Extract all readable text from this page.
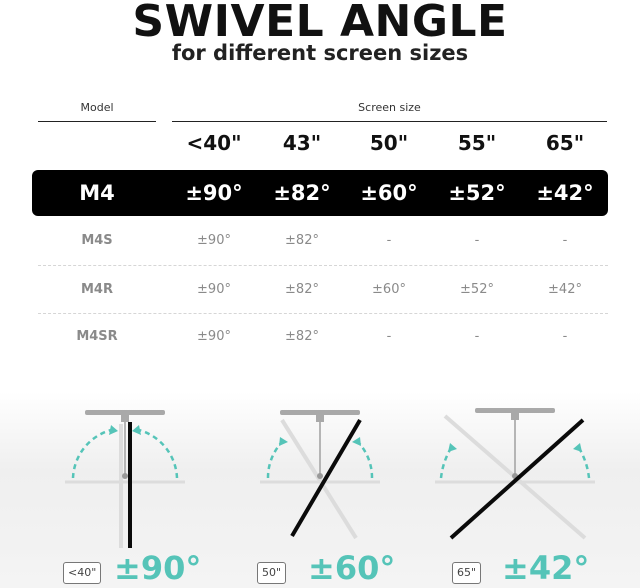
SWIVEL ANGLE
for different screen sizes
Model	Screen size
<40"	43"	50"	55"	65"
M4	±90°	±82°	±60°	±52°	±42°
M4S	±90°	±82°	-	-	-
M4R	±90°	±82°	±60°	±52°	±42°
M4SR	±90°	±82°	-	-	-
<40" ±90°	50" ±60°	65" ±42°
